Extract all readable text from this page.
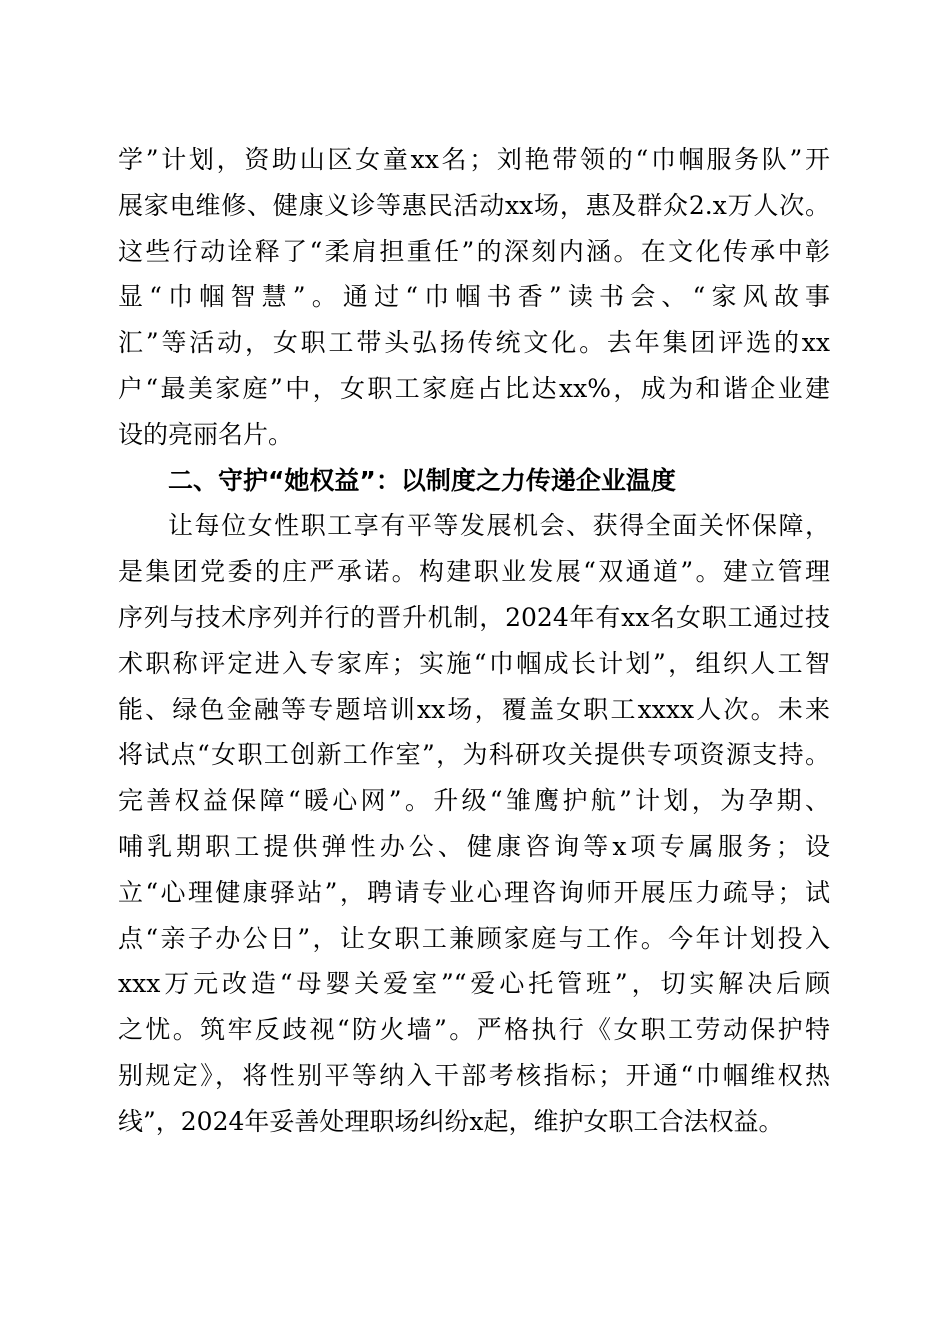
学”计划，资助山区女童xx名；刘艳带领的“巾帼服务队”开
展家电维修、健康义诊等惠民活动xx场，惠及群众2.x万人次。
这些行动诠释了“柔肩担重任”的深刻内涵。在文化传承中彰
显“巾帼智慧”。通过“巾帼书香”读书会、“家风故事
汇”等活动，女职工带头弘扬传统文化。去年集团评选的xx
户“最美家庭”中，女职工家庭占比达xx%，成为和谐企业建
设的亮丽名片。
二、守护“她权益”：以制度之力传递企业温度
让每位女性职工享有平等发展机会、获得全面关怀保障，
是集团党委的庄严承诺。构建职业发展“双通道”。建立管理
序列与技术序列并行的晋升机制，2024年有xx名女职工通过技
术职称评定进入专家库；实施“巾帼成长计划”，组织人工智
能、绿色金融等专题培训xx场，覆盖女职工xxxx人次。未来
将试点“女职工创新工作室”，为科研攻关提供专项资源支持。
完善权益保障“暖心网”。升级“雏鹰护航”计划，为孕期、
哺乳期职工提供弹性办公、健康咨询等x项专属服务；设
立“心理健康驿站”，聘请专业心理咨询师开展压力疏导；试
点“亲子办公日”，让女职工兼顾家庭与工作。今年计划投入
xxx万元改造“母婴关爱室”“爱心托管班”，切实解决后顾
之忧。筑牢反歧视“防火墙”。严格执行《女职工劳动保护特
别规定》，将性别平等纳入干部考核指标；开通“巾帼维权热
线”，2024年妥善处理职场纠纷x起，维护女职工合法权益。
